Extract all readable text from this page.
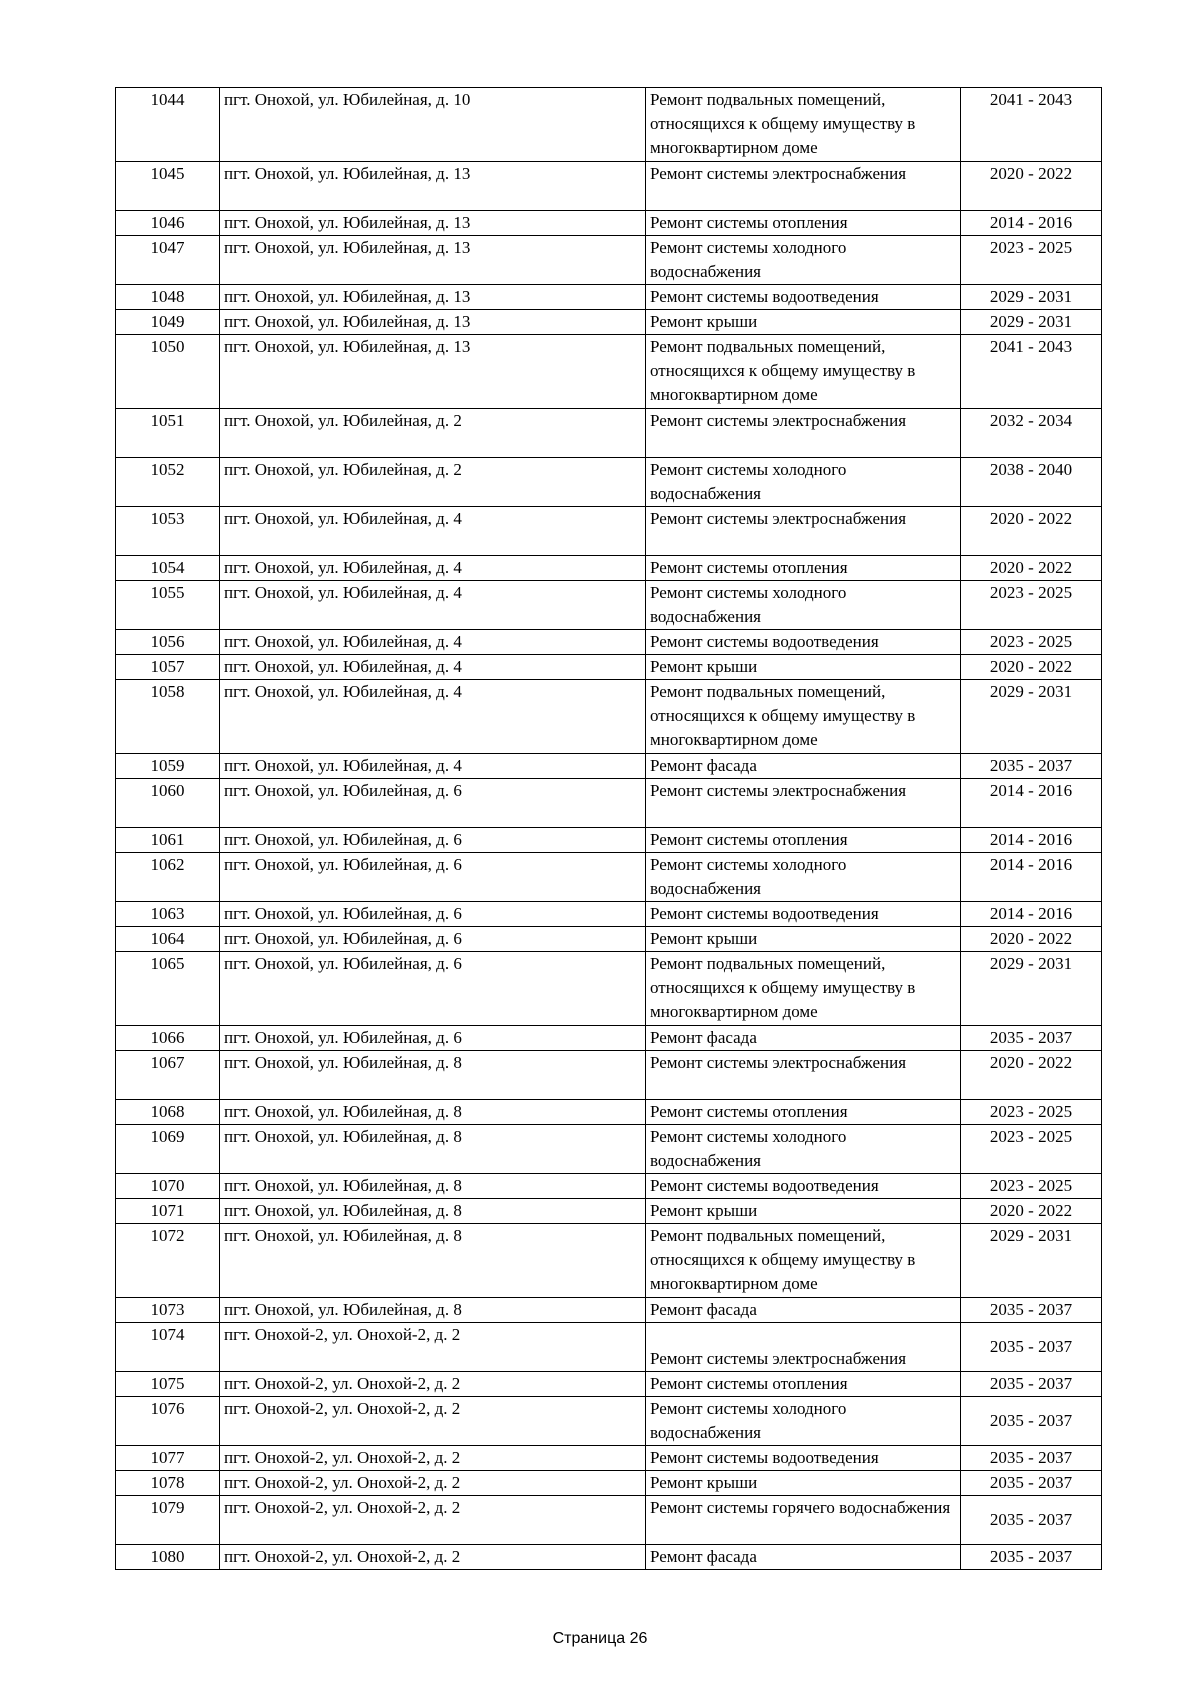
1044	пгт. Онохой, ул. Юбилейная, д. 10	Ремонт подвальных помещений, относящихся к общему имуществу в многоквартирном доме	2041 - 2043
1045	пгт. Онохой, ул. Юбилейная, д. 13	Ремонт системы электроснабжения	2020 - 2022
1046	пгт. Онохой, ул. Юбилейная, д. 13	Ремонт системы отопления	2014 - 2016
1047	пгт. Онохой, ул. Юбилейная, д. 13	Ремонт системы холодного водоснабжения	2023 - 2025
1048	пгт. Онохой, ул. Юбилейная, д. 13	Ремонт системы водоотведения	2029 - 2031
1049	пгт. Онохой, ул. Юбилейная, д. 13	Ремонт крыши	2029 - 2031
1050	пгт. Онохой, ул. Юбилейная, д. 13	Ремонт подвальных помещений, относящихся к общему имуществу в многоквартирном доме	2041 - 2043
1051	пгт. Онохой, ул. Юбилейная, д. 2	Ремонт системы электроснабжения	2032 - 2034
1052	пгт. Онохой, ул. Юбилейная, д. 2	Ремонт системы холодного водоснабжения	2038 - 2040
1053	пгт. Онохой, ул. Юбилейная, д. 4	Ремонт системы электроснабжения	2020 - 2022
1054	пгт. Онохой, ул. Юбилейная, д. 4	Ремонт системы отопления	2020 - 2022
1055	пгт. Онохой, ул. Юбилейная, д. 4	Ремонт системы холодного водоснабжения	2023 - 2025
1056	пгт. Онохой, ул. Юбилейная, д. 4	Ремонт системы водоотведения	2023 - 2025
1057	пгт. Онохой, ул. Юбилейная, д. 4	Ремонт крыши	2020 - 2022
1058	пгт. Онохой, ул. Юбилейная, д. 4	Ремонт подвальных помещений, относящихся к общему имуществу в многоквартирном доме	2029 - 2031
1059	пгт. Онохой, ул. Юбилейная, д. 4	Ремонт фасада	2035 - 2037
1060	пгт. Онохой, ул. Юбилейная, д. 6	Ремонт системы электроснабжения	2014 - 2016
1061	пгт. Онохой, ул. Юбилейная, д. 6	Ремонт системы отопления	2014 - 2016
1062	пгт. Онохой, ул. Юбилейная, д. 6	Ремонт системы холодного водоснабжения	2014 - 2016
1063	пгт. Онохой, ул. Юбилейная, д. 6	Ремонт системы водоотведения	2014 - 2016
1064	пгт. Онохой, ул. Юбилейная, д. 6	Ремонт крыши	2020 - 2022
1065	пгт. Онохой, ул. Юбилейная, д. 6	Ремонт подвальных помещений, относящихся к общему имуществу в многоквартирном доме	2029 - 2031
1066	пгт. Онохой, ул. Юбилейная, д. 6	Ремонт фасада	2035 - 2037
1067	пгт. Онохой, ул. Юбилейная, д. 8	Ремонт системы электроснабжения	2020 - 2022
1068	пгт. Онохой, ул. Юбилейная, д. 8	Ремонт системы отопления	2023 - 2025
1069	пгт. Онохой, ул. Юбилейная, д. 8	Ремонт системы холодного водоснабжения	2023 - 2025
1070	пгт. Онохой, ул. Юбилейная, д. 8	Ремонт системы водоотведения	2023 - 2025
1071	пгт. Онохой, ул. Юбилейная, д. 8	Ремонт крыши	2020 - 2022
1072	пгт. Онохой, ул. Юбилейная, д. 8	Ремонт подвальных помещений, относящихся к общему имуществу в многоквартирном доме	2029 - 2031
1073	пгт. Онохой, ул. Юбилейная, д. 8	Ремонт фасада	2035 - 2037
1074	пгт. Онохой-2, ул. Онохой-2, д. 2	Ремонт системы электроснабжения	2035 - 2037
1075	пгт. Онохой-2, ул. Онохой-2, д. 2	Ремонт системы отопления	2035 - 2037
1076	пгт. Онохой-2, ул. Онохой-2, д. 2	Ремонт системы холодного водоснабжения	2035 - 2037
1077	пгт. Онохой-2, ул. Онохой-2, д. 2	Ремонт системы водоотведения	2035 - 2037
1078	пгт. Онохой-2, ул. Онохой-2, д. 2	Ремонт крыши	2035 - 2037
1079	пгт. Онохой-2, ул. Онохой-2, д. 2	Ремонт системы горячего водоснабжения	2035 - 2037
1080	пгт. Онохой-2, ул. Онохой-2, д. 2	Ремонт фасада	2035 - 2037
Страница 26
